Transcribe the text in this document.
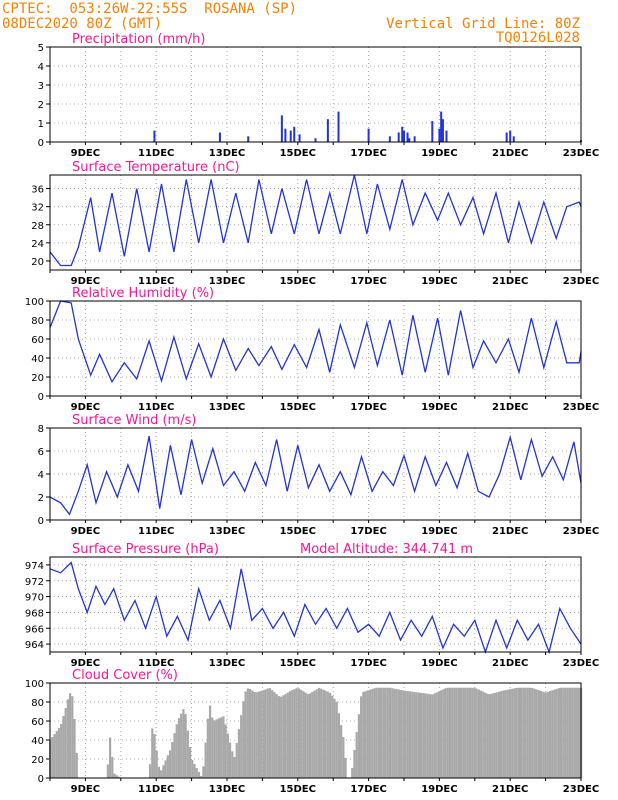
CPTEC:  053:26W-22:55S  ROSANA (SP)
08DEC2020 80Z (GMT)	Vertical Grid Line: 80Z
TQ0126L028
Precipitation (mm/h)
0
1
2
3
4
5
9DEC	11DEC	13DEC	15DEC	17DEC	19DEC	21DEC	23DEC
Surface Temperature (nC)
20
24
28
32
36
9DEC	11DEC	13DEC	15DEC	17DEC	19DEC	21DEC	23DEC
Relative Humidity (%)
0
20
40
60
80
100
9DEC	11DEC	13DEC	15DEC	17DEC	19DEC	21DEC	23DEC
Surface Wind (m/s)
0
2
4
6
8
9DEC	11DEC	13DEC	15DEC	17DEC	19DEC	21DEC	23DEC
Surface Pressure (hPa)	Model Altitude: 344.741 m
964
966
968
970
972
974
9DEC	11DEC	13DEC	15DEC	17DEC	19DEC	21DEC	23DEC
Cloud Cover (%)
0
20
40
60
80
100
9DEC	11DEC	13DEC	15DEC	17DEC	19DEC	21DEC	23DEC
